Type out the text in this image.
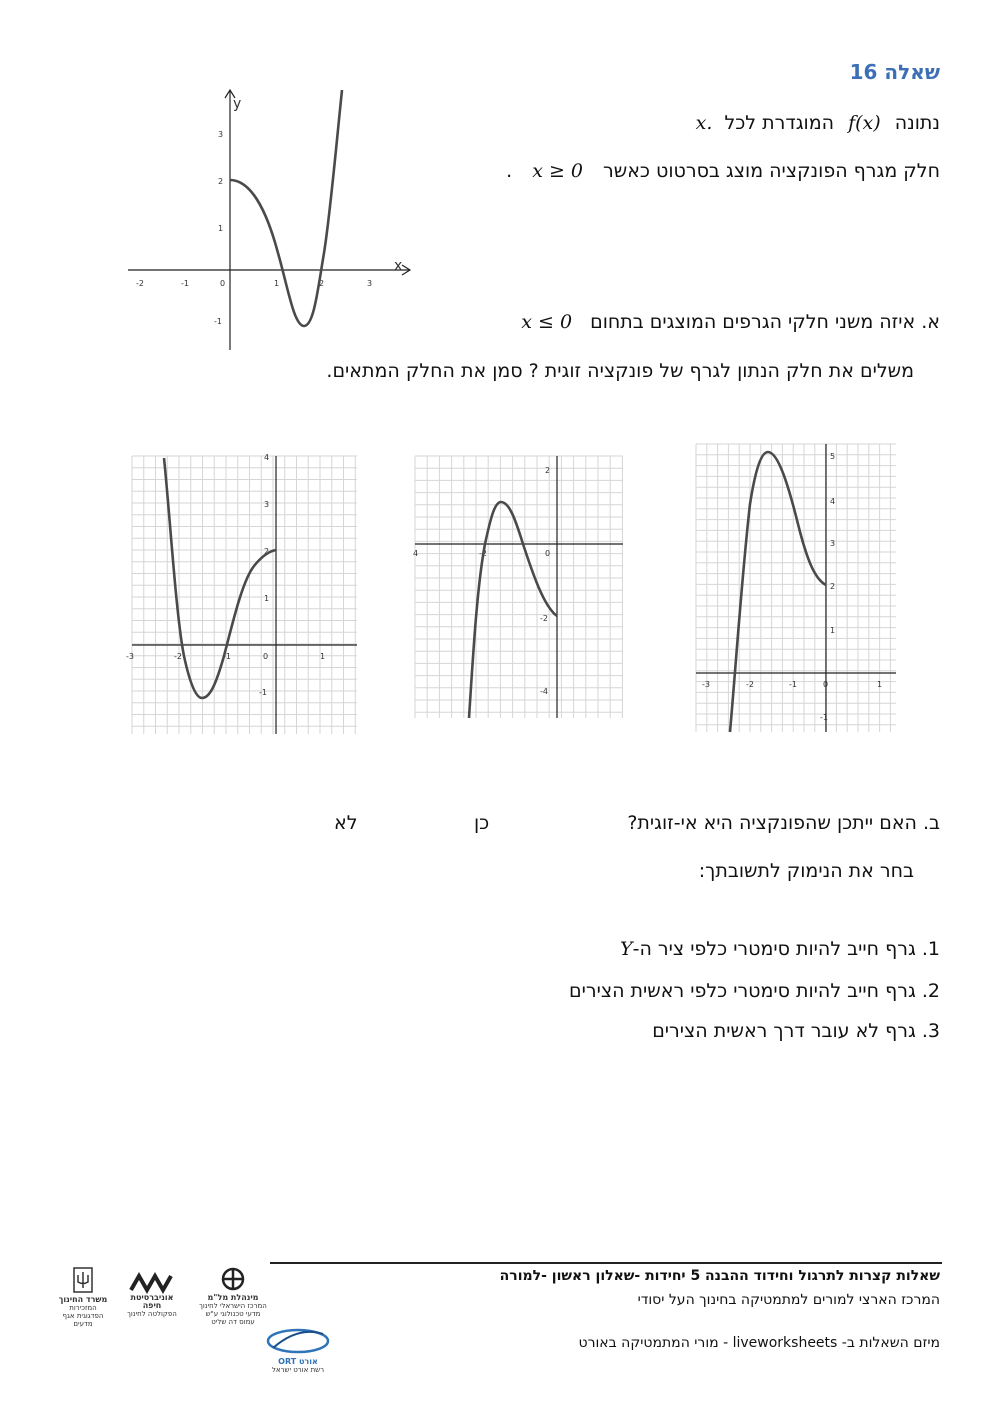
שאלה 16
נתונה f(x) המוגדרת לכל x.
חלק מגרף הפונקציה מוצג בסרטוט כאשר x ≥ 0 .
א. איזה משני חלקי הגרפים המוצגים בתחום x ≤ 0
משלים את חלק הנתון לגרף של פונקציה זוגית ? סמן את החלק המתאים.
y
x
-2	-1	0	1	2	3
3
2
1
-1
-3	-2	-1	0	1
4
3
2
1
-1
4	-2	0
2
-2
-4
-3	-2	-1	0	1
5
4
3
2
1
-1
ב. האם ייתכן שהפונקציה היא אי-זוגית?
כן
לא
בחר את הנימוק לתשובתך:
1. גרף חייב להיות סימטרי כלפי ציר ה-Y
2. גרף חייב להיות סימטרי כלפי ראשית הצירים
3. גרף לא עובר דרך ראשית הצירים
שאלות קצרות לתרגול וחידוד ההבנה 5 יחידות -שאלון ראשון -למורה
המרכז הארצי למורים למתמטיקה בחינוך העל יסודי
מיזם השאלות ב- liveworksheets - מורי המתמטיקה באורט
משרד החינוך
המזכירות הפדגוגית אגף מדעים
אוניברסיטת חיפה
הפקולטה לחינוך
מינהלת מל"מ
המרכז הישראלי לחינוך מדעי טכנולוגי ע"ש עמוס דה שליט
ORT אורט
רשת אורט ישראל
